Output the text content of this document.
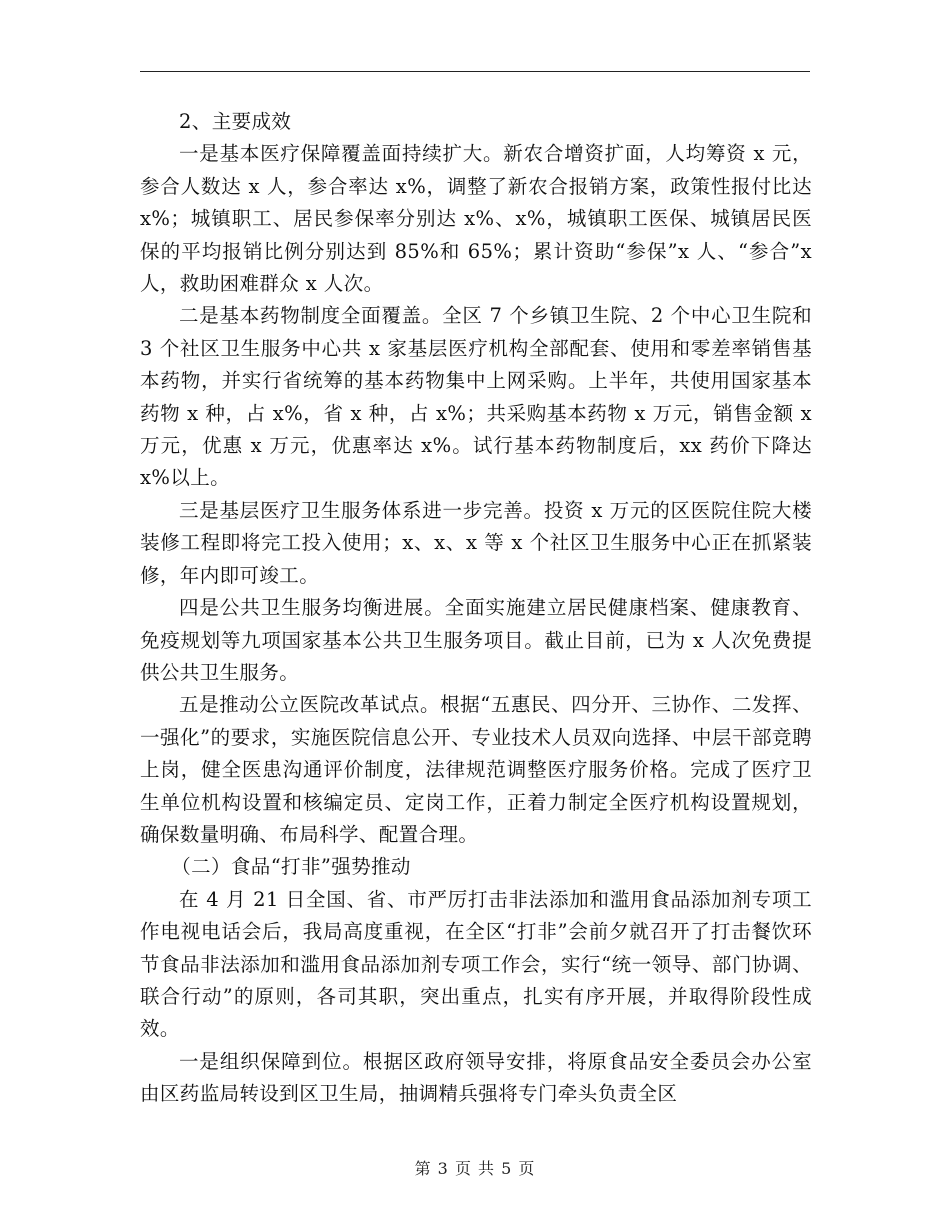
2、主要成效

一是基本医疗保障覆盖面持续扩大。新农合增资扩面，人均筹资 x 元，参合人数达 x 人，参合率达 x%，调整了新农合报销方案，政策性报付比达 x%；城镇职工、居民参保率分别达 x%、x%，城镇职工医保、城镇居民医保的平均报销比例分别达到 85%和 65%；累计资助“参保”x 人、“参合”x 人，救助困难群众 x 人次。

二是基本药物制度全面覆盖。全区 7 个乡镇卫生院、2 个中心卫生院和 3 个社区卫生服务中心共 x 家基层医疗机构全部配套、使用和零差率销售基本药物，并实行省统筹的基本药物集中上网采购。上半年，共使用国家基本药物 x 种，占 x%，省 x 种，占 x%；共采购基本药物 x 万元，销售金额 x 万元，优惠 x 万元，优惠率达 x%。试行基本药物制度后，xx 药价下降达 x%以上。

三是基层医疗卫生服务体系进一步完善。投资 x 万元的区医院住院大楼装修工程即将完工投入使用；x、x、x 等 x 个社区卫生服务中心正在抓紧装修，年内即可竣工。

四是公共卫生服务均衡进展。全面实施建立居民健康档案、健康教育、免疫规划等九项国家基本公共卫生服务项目。截止目前，已为 x 人次免费提供公共卫生服务。

五是推动公立医院改革试点。根据“五惠民、四分开、三协作、二发挥、一强化”的要求，实施医院信息公开、专业技术人员双向选择、中层干部竞聘上岗，健全医患沟通评价制度，法律规范调整医疗服务价格。完成了医疗卫生单位机构设置和核编定员、定岗工作，正着力制定全医疗机构设置规划，确保数量明确、布局科学、配置合理。

（二）食品“打非”强势推动

在 4 月 21 日全国、省、市严厉打击非法添加和滥用食品添加剂专项工作电视电话会后，我局高度重视，在全区“打非”会前夕就召开了打击餐饮环节食品非法添加和滥用食品添加剂专项工作会，实行“统一领导、部门协调、联合行动”的原则，各司其职，突出重点，扎实有序开展，并取得阶段性成效。

一是组织保障到位。根据区政府领导安排，将原食品安全委员会办公室由区药监局转设到区卫生局，抽调精兵强将专门牵头负责全区

第 3 页 共 5 页
